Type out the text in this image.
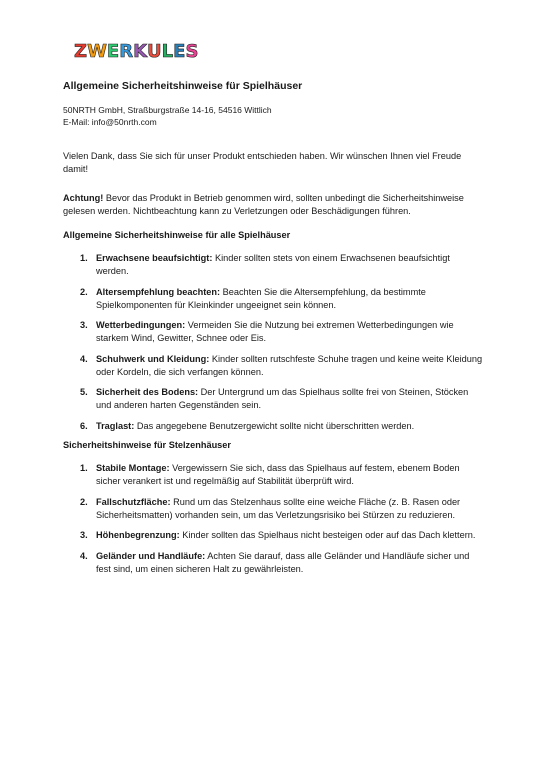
Z W E R K U L E S
Allgemeine Sicherheitshinweise für Spielhäuser
50NRTH GmbH, Straßburgstraße 14-16, 54516 Wittlich
E-Mail: info@50nrth.com

Vielen Dank, dass Sie sich für unser Produkt entschieden haben. Wir wünschen Ihnen viel Freude damit!

Achtung! Bevor das Produkt in Betrieb genommen wird, sollten unbedingt die Sicherheitshinweise gelesen werden. Nichtbeachtung kann zu Verletzungen oder Beschädigungen führen.

Allgemeine Sicherheitshinweise für alle Spielhäuser
1. Erwachsene beaufsichtigt: Kinder sollten stets von einem Erwachsenen beaufsichtigt werden.
2. Altersempfehlung beachten: Beachten Sie die Altersempfehlung, da bestimmte Spielkomponenten für Kleinkinder ungeeignet sein können.
3. Wetterbedingungen: Vermeiden Sie die Nutzung bei extremen Wetterbedingungen wie starkem Wind, Gewitter, Schnee oder Eis.
4. Schuhwerk und Kleidung: Kinder sollten rutschfeste Schuhe tragen und keine weite Kleidung oder Kordeln, die sich verfangen können.
5. Sicherheit des Bodens: Der Untergrund um das Spielhaus sollte frei von Steinen, Stöcken und anderen harten Gegenständen sein.
6. Traglast: Das angegebene Benutzergewicht sollte nicht überschritten werden.
Sicherheitshinweise für Stelzenhäuser
1. Stabile Montage: Vergewissern Sie sich, dass das Spielhaus auf festem, ebenem Boden sicher verankert ist und regelmäßig auf Stabilität überprüft wird.
2. Fallschutzfläche: Rund um das Stelzenhaus sollte eine weiche Fläche (z. B. Rasen oder Sicherheitsmatten) vorhanden sein, um das Verletzungsrisiko bei Stürzen zu reduzieren.
3. Höhenbegrenzung: Kinder sollten das Spielhaus nicht besteigen oder auf das Dach klettern.
4. Geländer und Handläufe: Achten Sie darauf, dass alle Geländer und Handläufe sicher und fest sind, um einen sicheren Halt zu gewährleisten.
